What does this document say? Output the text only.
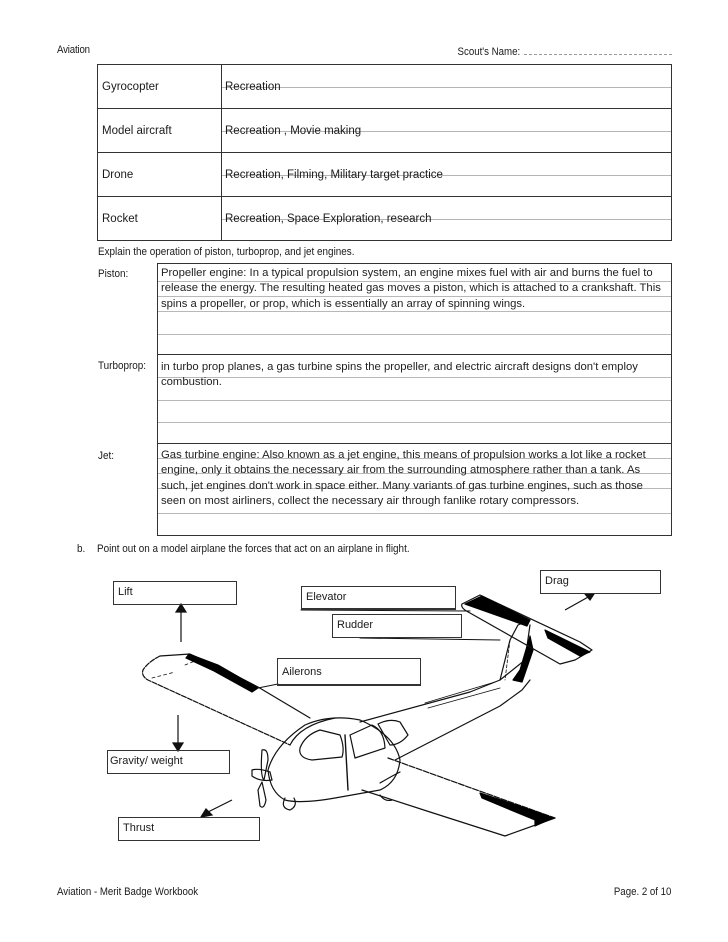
Aviation	Scout's Name:
Gyrocopter	Recreation
Model aircraft	Recreation , Movie making
Drone	Recreation, Filming, Military target practice
Rocket	Recreation, Space Exploration, research
Explain the operation of piston, turboprop, and jet engines.
Piston:	Propeller engine: In a typical propulsion system, an engine mixes fuel with air and burns the fuel to release the energy. The resulting heated gas moves a piston, which is attached to a crankshaft. This spins a propeller, or prop, which is essentially an array of spinning wings.
Turboprop: in turbo prop planes, a gas turbine spins the propeller, and electric aircraft designs don't employ combustion.
Jet:	Gas turbine engine: Also known as a jet engine, this means of propulsion works a lot like a rocket engine, only it obtains the necessary air from the surrounding atmosphere rather than a tank. As such, jet engines don't work in space either. Many variants of gas turbine engines, such as those seen on most airliners, collect the necessary air through fanlike rotary compressors.
b. Point out on a model airplane the forces that act on an airplane in flight.
Lift
Drag
Elevator
Rudder
Ailerons
Gravity/ weight
Thrust
Aviation - Merit Badge Workbook	Page. 2 of 10
